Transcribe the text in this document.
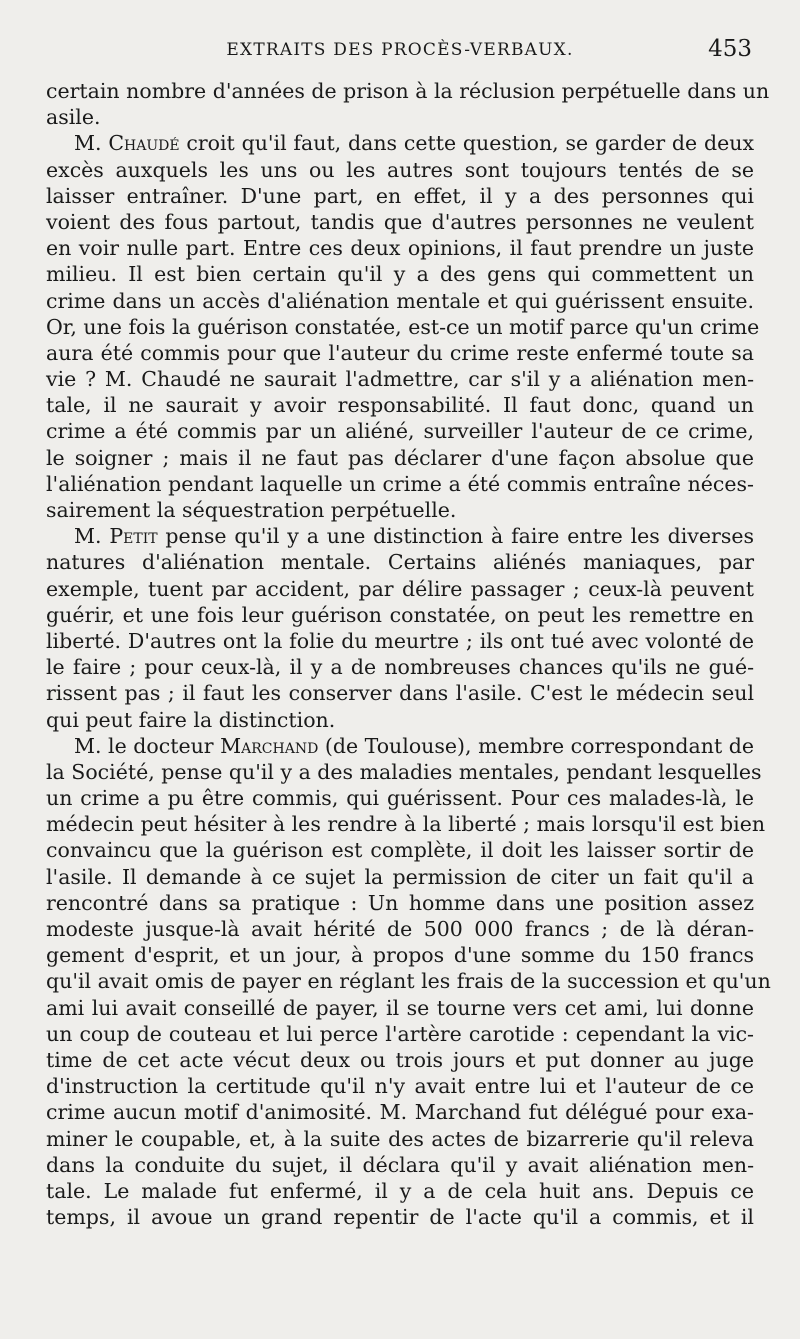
EXTRAITS DES PROCÈS-VERBAUX.	453
certain nombre d'années de prison à la réclusion perpétuelle dans un
asile.
M. Chaudé croit qu'il faut, dans cette question, se garder de deux
excès auxquels les uns ou les autres sont toujours tentés de se
laisser entraîner. D'une part, en effet, il y a des personnes qui
voient des fous partout, tandis que d'autres personnes ne veulent
en voir nulle part. Entre ces deux opinions, il faut prendre un juste
milieu. Il est bien certain qu'il y a des gens qui commettent un
crime dans un accès d'aliénation mentale et qui guérissent ensuite.
Or, une fois la guérison constatée, est-ce un motif parce qu'un crime
aura été commis pour que l'auteur du crime reste enfermé toute sa
vie ? M. Chaudé ne saurait l'admettre, car s'il y a aliénation men-
tale, il ne saurait y avoir responsabilité. Il faut donc, quand un
crime a été commis par un aliéné, surveiller l'auteur de ce crime,
le soigner ; mais il ne faut pas déclarer d'une façon absolue que
l'aliénation pendant laquelle un crime a été commis entraîne néces-
sairement la séquestration perpétuelle.
M. Petit pense qu'il y a une distinction à faire entre les diverses
natures d'aliénation mentale. Certains aliénés maniaques, par
exemple, tuent par accident, par délire passager ; ceux-là peuvent
guérir, et une fois leur guérison constatée, on peut les remettre en
liberté. D'autres ont la folie du meurtre ; ils ont tué avec volonté de
le faire ; pour ceux-là, il y a de nombreuses chances qu'ils ne gué-
rissent pas ; il faut les conserver dans l'asile. C'est le médecin seul
qui peut faire la distinction.
M. le docteur Marchand (de Toulouse), membre correspondant de
la Société, pense qu'il y a des maladies mentales, pendant lesquelles
un crime a pu être commis, qui guérissent. Pour ces malades-là, le
médecin peut hésiter à les rendre à la liberté ; mais lorsqu'il est bien
convaincu que la guérison est complète, il doit les laisser sortir de
l'asile. Il demande à ce sujet la permission de citer un fait qu'il a
rencontré dans sa pratique : Un homme dans une position assez
modeste jusque-là avait hérité de 500 000 francs ; de là déran-
gement d'esprit, et un jour, à propos d'une somme du 150 francs
qu'il avait omis de payer en réglant les frais de la succession et qu'un
ami lui avait conseillé de payer, il se tourne vers cet ami, lui donne
un coup de couteau et lui perce l'artère carotide : cependant la vic-
time de cet acte vécut deux ou trois jours et put donner au juge
d'instruction la certitude qu'il n'y avait entre lui et l'auteur de ce
crime aucun motif d'animosité. M. Marchand fut délégué pour exa-
miner le coupable, et, à la suite des actes de bizarrerie qu'il releva
dans la conduite du sujet, il déclara qu'il y avait aliénation men-
tale. Le malade fut enfermé, il y a de cela huit ans. Depuis ce
temps, il avoue un grand repentir de l'acte qu'il a commis, et il
